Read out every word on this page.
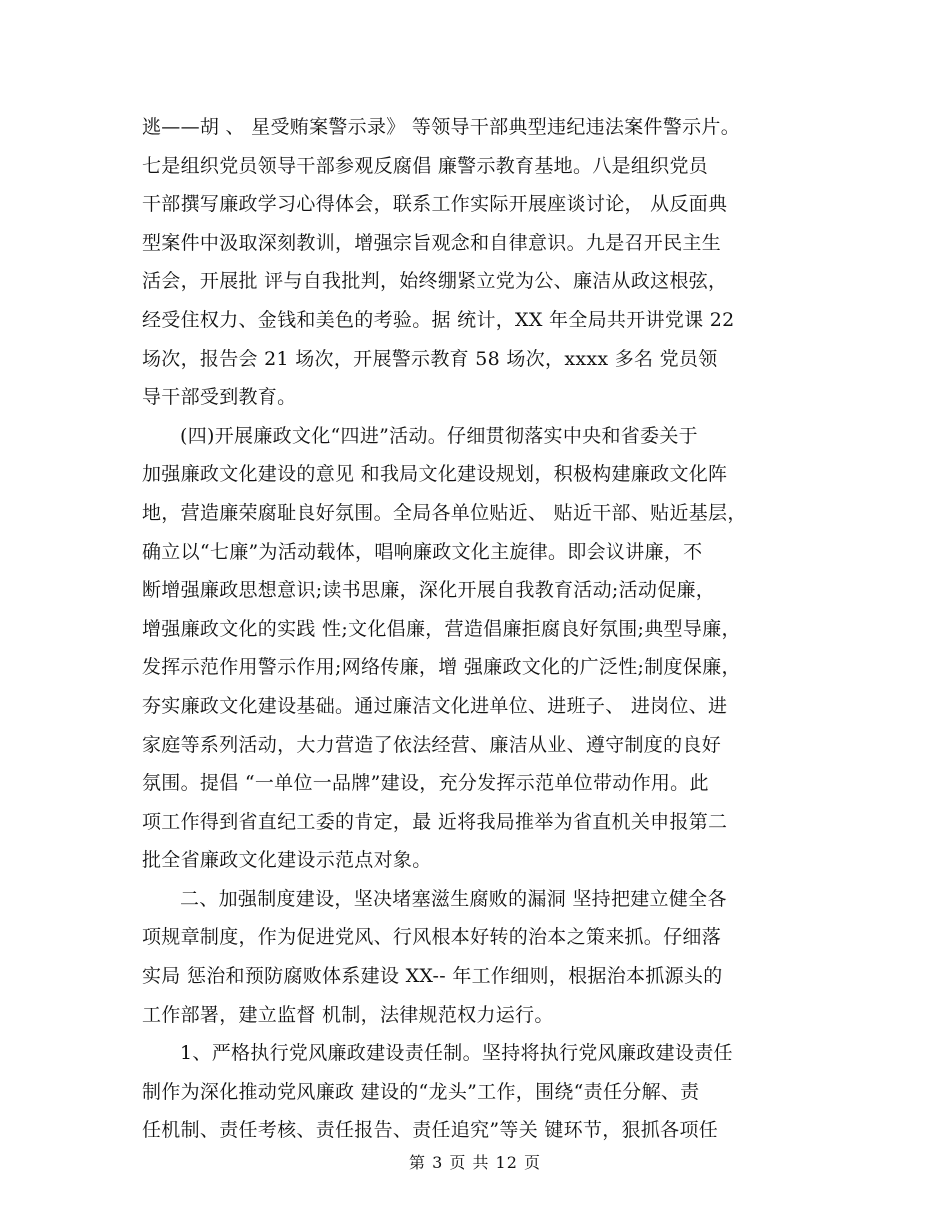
逃——胡 、 星受贿案警示录》 等领导干部典型违纪违法案件警示片。
七是组织党员领导干部参观反腐倡 廉警示教育基地。八是组织党员
干部撰写廉政学习心得体会，联系工作实际开展座谈讨论， 从反面典
型案件中汲取深刻教训，增强宗旨观念和自律意识。九是召开民主生
活会，开展批 评与自我批判，始终绷紧立党为公、廉洁从政这根弦，
经受住权力、金钱和美色的考验。据 统计，XX 年全局共开讲党课 22
场次，报告会 21 场次，开展警示教育 58 场次，xxxx 多名 党员领
导干部受到教育。
(四)开展廉政文化“四进”活动。仔细贯彻落实中央和省委关于
加强廉政文化建设的意见 和我局文化建设规划，积极构建廉政文化阵
地，营造廉荣腐耻良好氛围。全局各单位贴近、 贴近干部、贴近基层，
确立以“七廉”为活动载体，唱响廉政文化主旋律。即会议讲廉，不
断增强廉政思想意识;读书思廉，深化开展自我教育活动;活动促廉，
增强廉政文化的实践 性;文化倡廉，营造倡廉拒腐良好氛围;典型导廉，
发挥示范作用警示作用;网络传廉，增 强廉政文化的广泛性;制度保廉，
夯实廉政文化建设基础。通过廉洁文化进单位、进班子、 进岗位、进
家庭等系列活动，大力营造了依法经营、廉洁从业、遵守制度的良好
氛围。提倡 “一单位一品牌”建设，充分发挥示范单位带动作用。此
项工作得到省直纪工委的肯定，最 近将我局推举为省直机关申报第二
批全省廉政文化建设示范点对象。
二、加强制度建设，坚决堵塞滋生腐败的漏洞 坚持把建立健全各
项规章制度，作为促进党风、行风根本好转的治本之策来抓。仔细落
实局 惩治和预防腐败体系建设 XX-- 年工作细则，根据治本抓源头的
工作部署，建立监督 机制，法律规范权力运行。
1、严格执行党风廉政建设责任制。坚持将执行党风廉政建设责任
制作为深化推动党风廉政 建设的“龙头”工作，围绕“责任分解、责
任机制、责任考核、责任报告、责任追究”等关 键环节，狠抓各项任
第 3 页 共 12 页
